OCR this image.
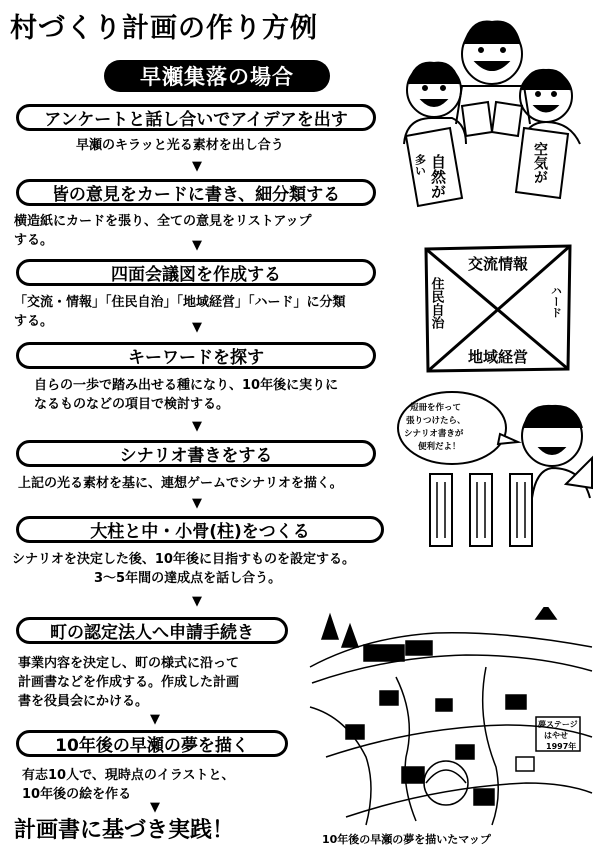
村づくり計画の作り方例
早瀬集落の場合
アンケートと話し合いでアイデアを出す
早瀬のキラッと光る素材を出し合う
▼
皆の意見をカードに書き、細分類する
横造紙にカードを張り、全ての意見をリストアップ
する。	▼
四面会議図を作成する
「交流・情報」「住民自治」「地域経営」「ハード」に分類
する。	▼
キーワードを探す
自らの一歩で踏み出せる種になり、10年後に実りに
なるものなどの項目で検討する。
▼
シナリオ書きをする
上記の光る素材を基に、連想ゲームでシナリオを描く。
▼
大柱と中・小骨(柱)をつくる
シナリオを決定した後、10年後に目指すものを設定する。
3～5年間の達成点を話し合う。
▼
町の認定法人へ申請手続き
事業内容を決定し、町の様式に沿って
計画書などを作成する。作成した計画
書を役員会にかける。
▼
10年後の早瀬の夢を描く
有志10人で、現時点のイラストと、
10年後の絵を作る
▼
計画書に基づき実践！
自然が
多い	空気が
交流情報
住民自治	ハード
地域経営
短冊を作って
張りつけたら、
シナリオ書きが
便利だよ！
夢ステージ
はやせ
1997年
10年後の早瀬の夢を描いたマップ
